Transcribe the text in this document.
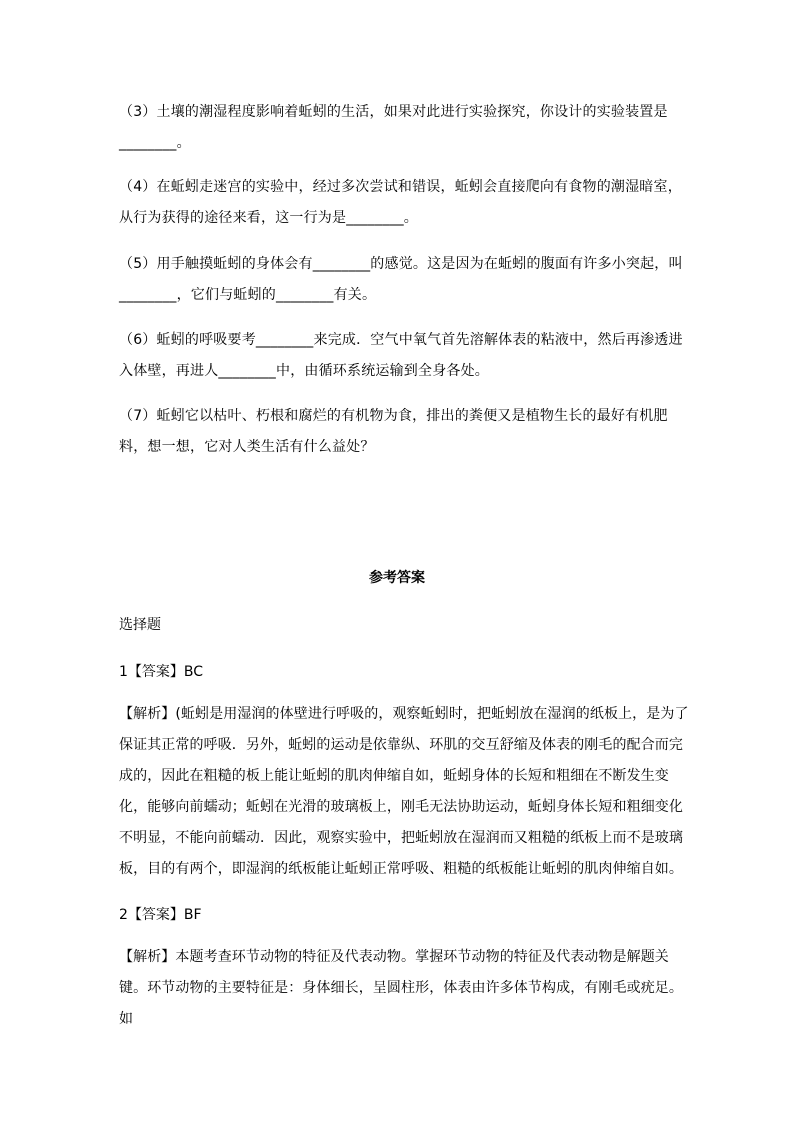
（3）土壤的潮湿程度影响着蚯蚓的生活，如果对此进行实验探究，你设计的实验装置是________。

（4）在蚯蚓走迷宫的实验中，经过多次尝试和错误，蚯蚓会直接爬向有食物的潮湿暗室，从行为获得的途径来看，这一行为是________。

（5）用手触摸蚯蚓的身体会有________的感觉。这是因为在蚯蚓的腹面有许多小突起，叫________，它们与蚯蚓的________有关。

（6）蚯蚓的呼吸要考________来完成．空气中氧气首先溶解体表的粘液中，然后再渗透进入体壁，再进人________中，由循环系统运输到全身各处。

（7）蚯蚓它以枯叶、朽根和腐烂的有机物为食，排出的粪便又是植物生长的最好有机肥料，想一想，它对人类生活有什么益处？

参考答案
选择题
1【答案】BC

【解析】(蚯蚓是用湿润的体壁进行呼吸的，观察蚯蚓时，把蚯蚓放在湿润的纸板上，是为了保证其正常的呼吸．另外，蚯蚓的运动是依靠纵、环肌的交互舒缩及体表的刚毛的配合而完成的，因此在粗糙的板上能让蚯蚓的肌肉伸缩自如，蚯蚓身体的长短和粗细在不断发生变化，能够向前蠕动；蚯蚓在光滑的玻璃板上，刚毛无法协助运动，蚯蚓身体长短和粗细变化不明显，不能向前蠕动．因此，观察实验中，把蚯蚓放在湿润而又粗糙的纸板上而不是玻璃板，目的有两个，即湿润的纸板能让蚯蚓正常呼吸、粗糙的纸板能让蚯蚓的肌肉伸缩自如。

2【答案】BF

【解析】本题考查环节动物的特征及代表动物。掌握环节动物的特征及代表动物是解题关键。环节动物的主要特征是：身体细长，呈圆柱形，体表由许多体节构成，有刚毛或疣足。　如
